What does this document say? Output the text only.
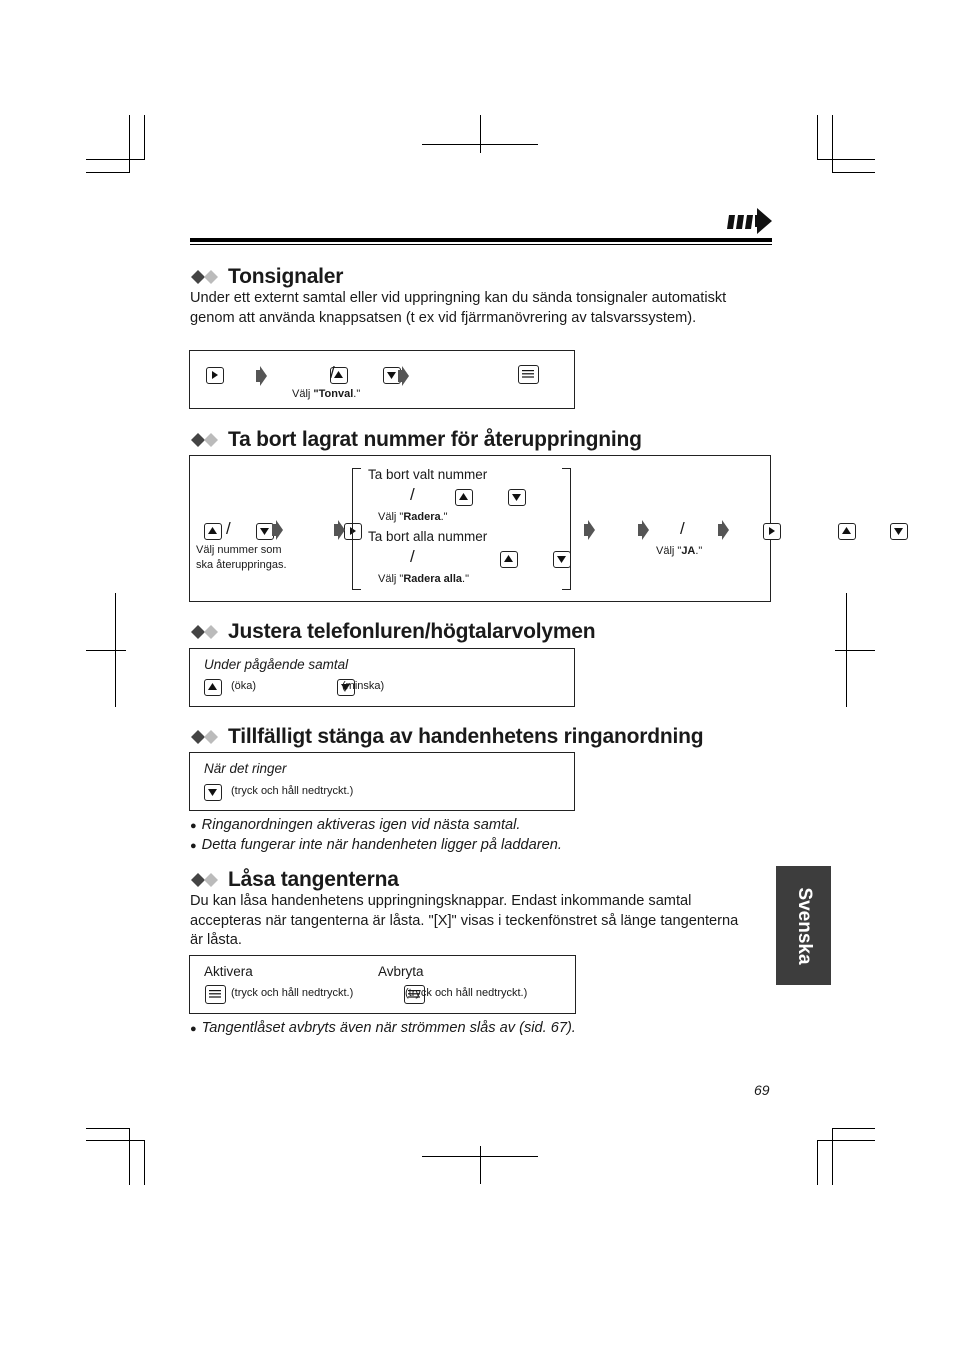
Tonsignaler
Under ett externt samtal eller vid uppringning kan du sända tonsignaler automatiskt genom att använda knappsatsen (t ex vid fjärrmanövrering av talsvarssystem).

/

Välj "Tonval."
Ta bort lagrat nummer för återuppringning

/

Välj nummer som
ska återuppringas.
Ta bort valt nummer

/

Välj "Radera."
Ta bort alla nummer

/

Välj "Radera alla."

/

Välj "JA."
Justera telefonluren/högtalarvolymen
Under pågående samtal

(öka)	(minska)
Tillfälligt stänga av handenhetens ringanordning
När det ringer
(tryck och håll nedtryckt.)
● Ringanordningen aktiveras igen vid nästa samtal.
● Detta fungerar inte när handenheten ligger på laddaren.
Låsa tangenterna
Du kan låsa handenhetens uppringningsknappar. Endast inkommande samtal accepteras när tangenterna är låsta. "[X]" visas i teckenfönstret så länge tangenterna är låsta.
Aktivera

(tryck och håll nedtryckt.)
Avbryta
(tryck och håll nedtryckt.)
● Tangentlåset avbryts även när strömmen slås av (sid. 67).
Svenska
69
